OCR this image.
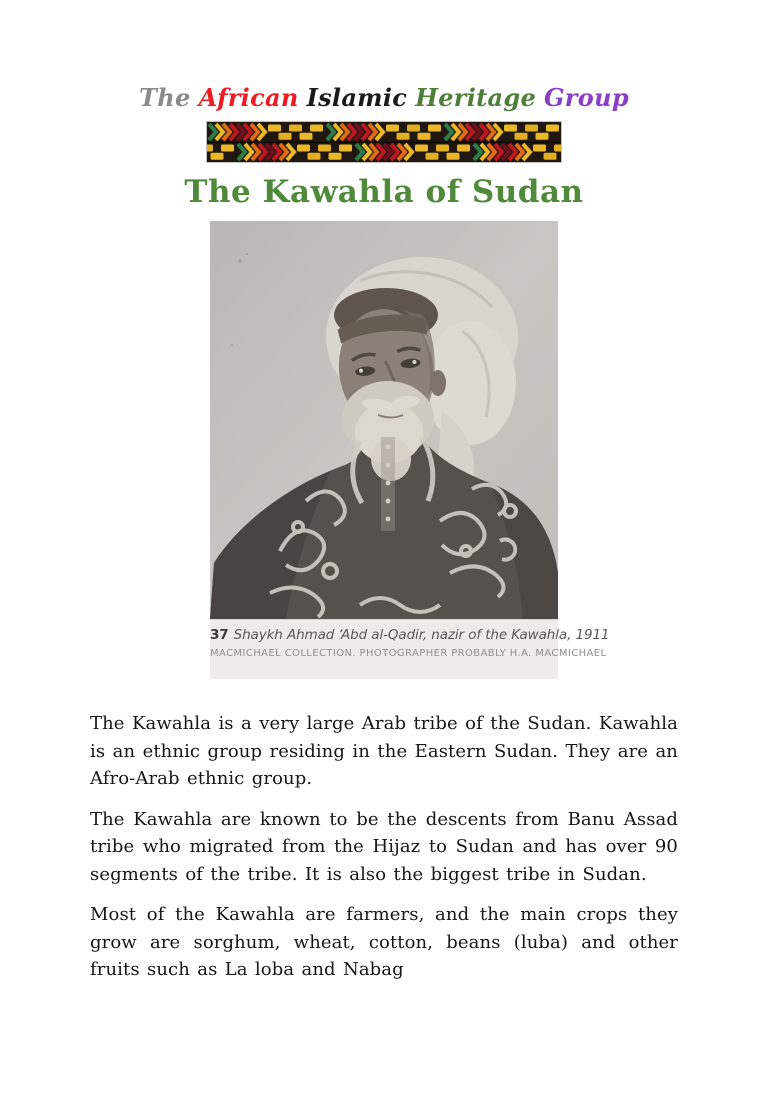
The African Islamic Heritage Group
The Kawahla of Sudan
37 Shaykh Ahmad ‘Abd al-Qadir, nazir of the Kawahla, 1911
MACMICHAEL COLLECTION. PHOTOGRAPHER PROBABLY H.A. MACMICHAEL

The Kawahla is a very large Arab tribe of the Sudan. Kawahla is an ethnic group residing in the Eastern Sudan. They are an Afro-Arab ethnic group.

The Kawahla are known to be the descents from Banu Assad tribe who migrated from the Hijaz to Sudan and has over 90 segments of the tribe. It is also the biggest tribe in Sudan.

Most of the Kawahla are farmers, and the main crops they grow are sorghum, wheat, cotton, beans (luba) and other fruits such as La loba and Nabag
